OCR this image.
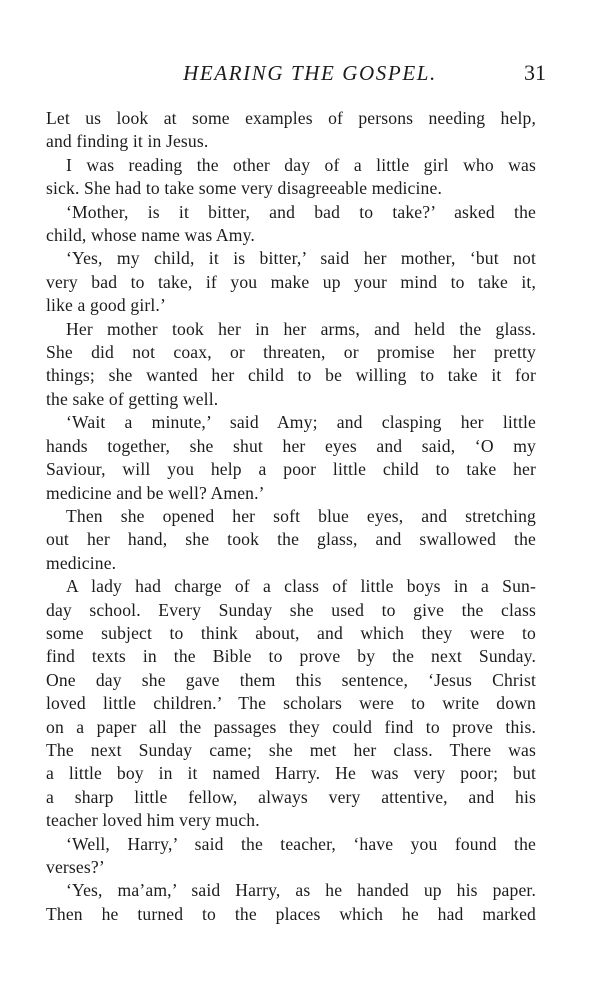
HEARING THE GOSPEL.	31
Let us look at some examples of persons needing help,
and finding it in Jesus.
I was reading the other day of a little girl who was
sick. She had to take some very disagreeable medicine.
‘Mother, is it bitter, and bad to take?’ asked the
child, whose name was Amy.
‘Yes, my child, it is bitter,’ said her mother, ‘but not
very bad to take, if you make up your mind to take it,
like a good girl.’
Her mother took her in her arms, and held the glass.
She did not coax, or threaten, or promise her pretty
things; she wanted her child to be willing to take it for
the sake of getting well.
‘Wait a minute,’ said Amy; and clasping her little
hands together, she shut her eyes and said, ‘O my
Saviour, will you help a poor little child to take her
medicine and be well? Amen.’
Then she opened her soft blue eyes, and stretching
out her hand, she took the glass, and swallowed the
medicine.
A lady had charge of a class of little boys in a Sun-
day school. Every Sunday she used to give the class
some subject to think about, and which they were to
find texts in the Bible to prove by the next Sunday.
One day she gave them this sentence, ‘Jesus Christ
loved little children.’ The scholars were to write down
on a paper all the passages they could find to prove this.
The next Sunday came; she met her class. There was
a little boy in it named Harry. He was very poor; but
a sharp little fellow, always very attentive, and his
teacher loved him very much.
‘Well, Harry,’ said the teacher, ‘have you found the
verses?’
‘Yes, ma’am,’ said Harry, as he handed up his paper.
Then he turned to the places which he had marked
